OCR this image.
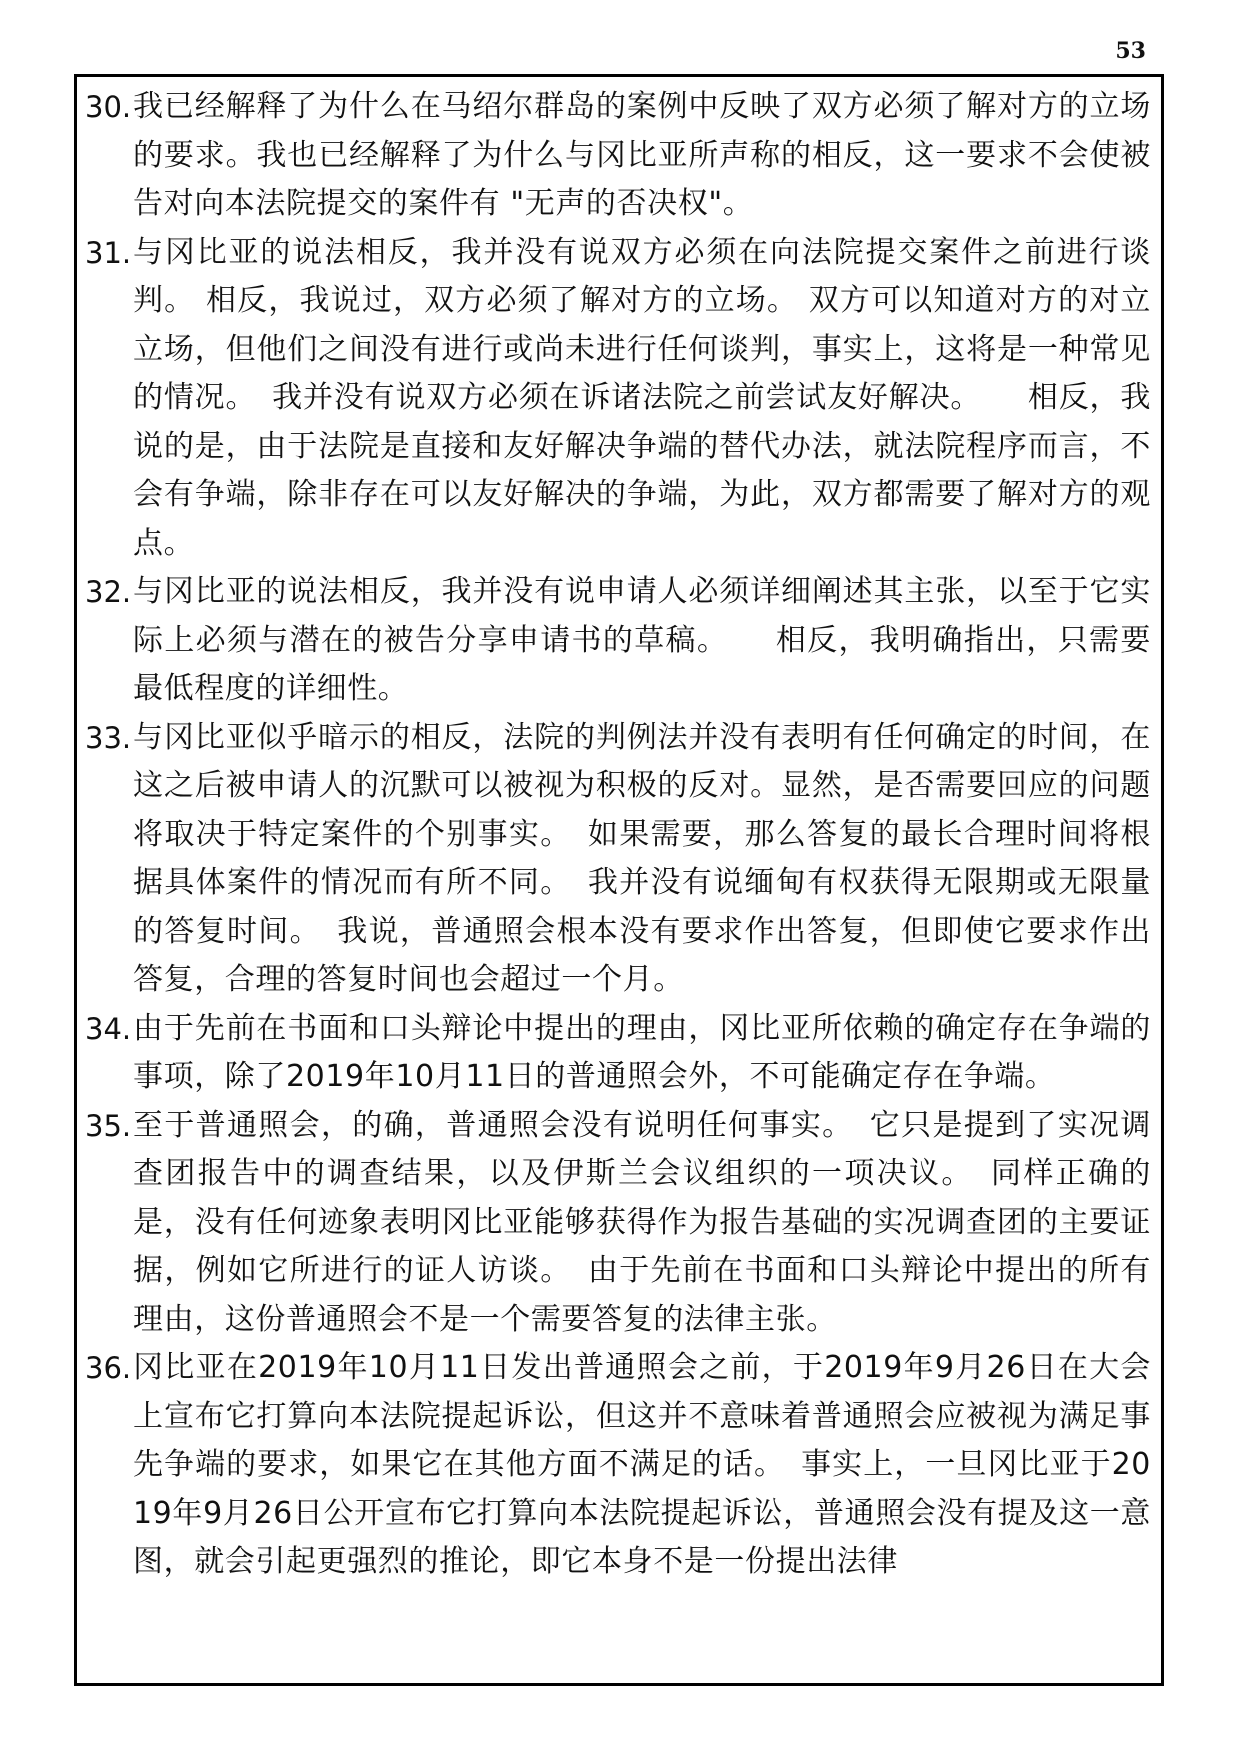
53
30. 我已经解释了为什么在马绍尔群岛的案例中反映了双方必须了解对方的立场的要求。我也已经解释了为什么与冈比亚所声称的相反，这一要求不会使被告对向本法院提交的案件有 "无声的否决权"。
31. 与冈比亚的说法相反，我并没有说双方必须在向法院提交案件之前进行谈判。 相反，我说过，双方必须了解对方的立场。 双方可以知道对方的对立立场，但他们之间没有进行或尚未进行任何谈判，事实上，这将是一种常见的情况。　我并没有说双方必须在诉诸法院之前尝试友好解决。　　相反，我说的是，由于法院是直接和友好解决争端的替代办法，就法院程序而言，不会有争端，除非存在可以友好解决的争端，为此，双方都需要了解对方的观点。
32. 与冈比亚的说法相反，我并没有说申请人必须详细阐述其主张，以至于它实际上必须与潜在的被告分享申请书的草稿。　　相反，我明确指出，只需要最低程度的详细性。
33. 与冈比亚似乎暗示的相反，法院的判例法并没有表明有任何确定的时间，在这之后被申请人的沉默可以被视为积极的反对。显然，是否需要回应的问题将取决于特定案件的个别事实。　如果需要，那么答复的最长合理时间将根据具体案件的情况而有所不同。　我并没有说缅甸有权获得无限期或无限量的答复时间。　我说，普通照会根本没有要求作出答复，但即使它要求作出答复，合理的答复时间也会超过一个月。
34. 由于先前在书面和口头辩论中提出的理由，冈比亚所依赖的确定存在争端的事项，除了2019年10月11日的普通照会外，不可能确定存在争端。
35. 至于普通照会，的确，普通照会没有说明任何事实。　它只是提到了实况调查团报告中的调查结果，以及伊斯兰会议组织的一项决议。　同样正确的是，没有任何迹象表明冈比亚能够获得作为报告基础的实况调查团的主要证据，例如它所进行的证人访谈。　由于先前在书面和口头辩论中提出的所有理由，这份普通照会不是一个需要答复的法律主张。
36. 冈比亚在2019年10月11日发出普通照会之前，于2019年9月26日在大会上宣布它打算向本法院提起诉讼，但这并不意味着普通照会应被视为满足事先争端的要求，如果它在其他方面不满足的话。　事实上，一旦冈比亚于2019年9月26日公开宣布它打算向本法院提起诉讼，普通照会没有提及这一意图，就会引起更强烈的推论，即它本身不是一份提出法律
